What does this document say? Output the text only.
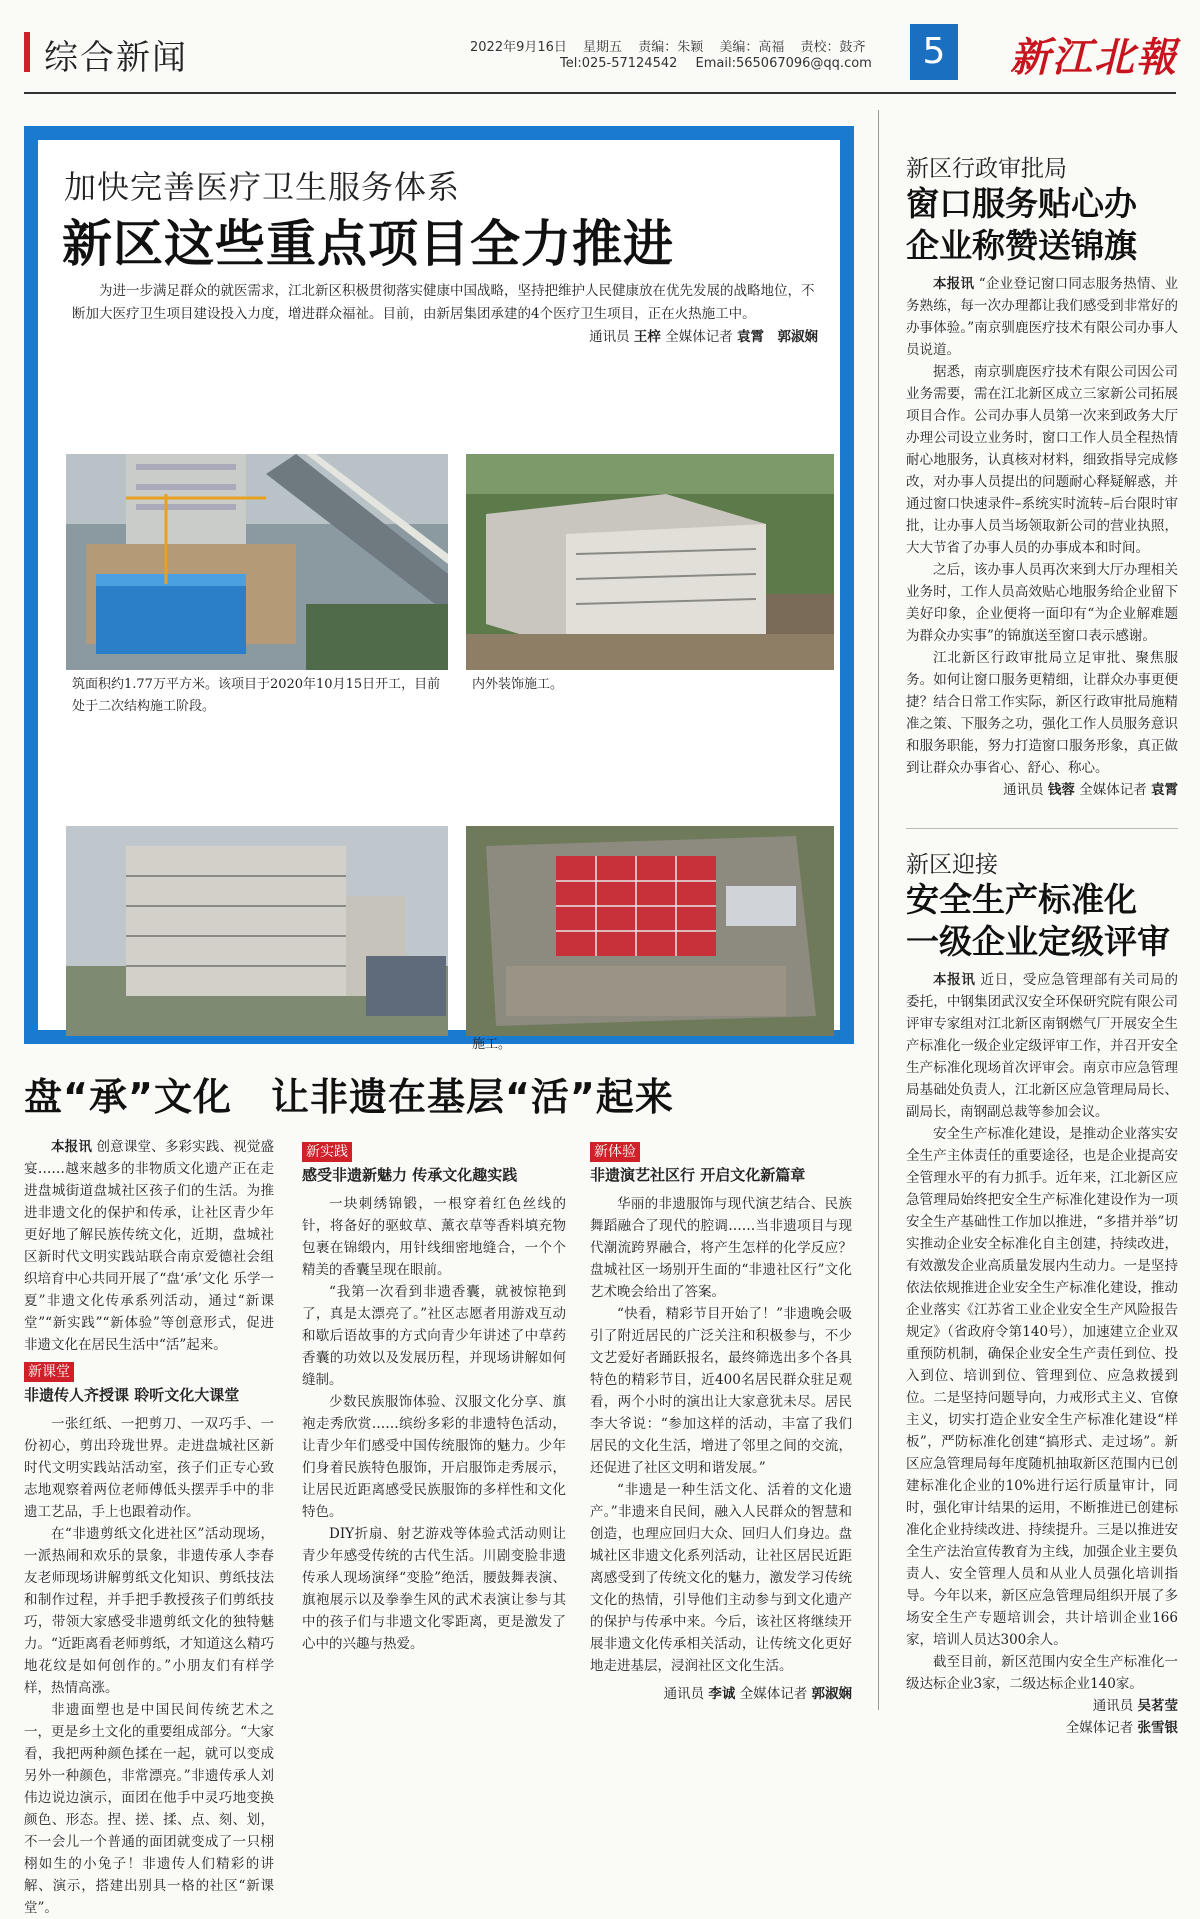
综合新闻	2022年9月16日 星期五 责编：朱颖 美编：高福 责校：鼓齐
Tel:025-57124542 Email:565067096@qq.com	5	新江北報
加快完善医疗卫生服务体系
新区这些重点项目全力推进

为进一步满足群众的就医需求，江北新区积极贯彻落实健康中国战略，坚持把维护人民健康放在优先发展的战略地位，不断加大医疗卫生项目建设投入力度，增进群众福祉。目前，由新居集团承建的4个医疗卫生项目，正在火热施工中。

通讯员 王梓 全媒体记者 袁霄　郭淑娴

筑面积约1.77万平方米。该项目于2020年10月15日开工，目前处于二次结构施工阶段。

内外装饰施工。

施工。

盘“承”文化　让非遗在基层“活”起来

本报讯 创意课堂、多彩实践、视觉盛宴……越来越多的非物质文化遗产正在走进盘城街道盘城社区孩子们的生活。为推进非遗文化的保护和传承，让社区青少年更好地了解民族传统文化，近期，盘城社区新时代文明实践站联合南京爱德社会组织培育中心共同开展了“盘‘承’文化 乐学一夏”非遗文化传承系列活动，通过“新课堂”“新实践”“新体验”等创意形式，促进非遗文化在居民生活中“活”起来。

新课堂
非遗传人齐授课 聆听文化大课堂

一张红纸、一把剪刀、一双巧手、一份初心，剪出玲珑世界。走进盘城社区新时代文明实践站活动室，孩子们正专心致志地观察着两位老师傅低头摆弄手中的非遗工艺品，手上也跟着动作。

在“非遗剪纸文化进社区”活动现场，一派热闹和欢乐的景象，非遗传承人李春友老师现场讲解剪纸文化知识、剪纸技法和制作过程，并手把手教授孩子们剪纸技巧，带领大家感受非遗剪纸文化的独特魅力。“近距离看老师剪纸，才知道这么精巧地花纹是如何创作的。”小朋友们有样学样，热情高涨。

非遗面塑也是中国民间传统艺术之一，更是乡土文化的重要组成部分。“大家看，我把两种颜色揉在一起，就可以变成另外一种颜色，非常漂亮。”非遗传承人刘伟边说边演示，面团在他手中灵巧地变换颜色、形态。捏、搓、揉、点、刻、划，不一会儿一个普通的面团就变成了一只栩栩如生的小兔子！非遗传人们精彩的讲解、演示，搭建出别具一格的社区“新课堂”。

新实践
感受非遗新魅力 传承文化趣实践

一块刺绣锦锻，一根穿着红色丝线的针，将备好的驱蚊草、薰衣草等香料填充物包裹在锦缎内，用针线细密地缝合，一个个精美的香囊呈现在眼前。

“我第一次看到非遗香囊，就被惊艳到了，真是太漂亮了。”社区志愿者用游戏互动和歇后语故事的方式向青少年讲述了中草药香囊的功效以及发展历程，并现场讲解如何缝制。

少数民族服饰体验、汉服文化分享、旗袍走秀欣赏……缤纷多彩的非遗特色活动，让青少年们感受中国传统服饰的魅力。少年们身着民族特色服饰，开启服饰走秀展示，让居民近距离感受民族服饰的多样性和文化特色。

DIY折扇、射艺游戏等体验式活动则让青少年感受传统的古代生活。川剧变脸非遗传承人现场演绎“变脸”绝活，腰鼓舞表演、旗袍展示以及拳拳生风的武术表演让参与其中的孩子们与非遗文化零距离，更是激发了心中的兴趣与热爱。

新体验
非遗演艺社区行 开启文化新篇章

华丽的非遗服饰与现代演艺结合、民族舞蹈融合了现代的腔调……当非遗项目与现代潮流跨界融合，将产生怎样的化学反应？盘城社区一场别开生面的“非遗社区行”文化艺术晚会给出了答案。

“快看，精彩节目开始了！”非遗晚会吸引了附近居民的广泛关注和积极参与，不少文艺爱好者踊跃报名，最终筛选出多个各具特色的精彩节目，近400名居民群众驻足观看，两个小时的演出让大家意犹未尽。居民李大爷说：“参加这样的活动，丰富了我们居民的文化生活，增进了邻里之间的交流，还促进了社区文明和谐发展。”

“非遗是一种生活文化、活着的文化遗产。”非遗来自民间，融入人民群众的智慧和创造，也理应回归大众、回归人们身边。盘城社区非遗文化系列活动，让社区居民近距离感受到了传统文化的魅力，激发学习传统文化的热情，引导他们主动参与到文化遗产的保护与传承中来。今后，该社区将继续开展非遗文化传承相关活动，让传统文化更好地走进基层，浸润社区文化生活。

通讯员 李诚 全媒体记者 郭淑娴
新区行政审批局
窗口服务贴心办 企业称赞送锦旗

本报讯 “企业登记窗口同志服务热情、业务熟练，每一次办理都让我们感受到非常好的办事体验。”南京驯鹿医疗技术有限公司办事人员说道。

据悉，南京驯鹿医疗技术有限公司因公司业务需要，需在江北新区成立三家新公司拓展项目合作。公司办事人员第一次来到政务大厅办理公司设立业务时，窗口工作人员全程热情耐心地服务，认真核对材料，细致指导完成修改，对办事人员提出的问题耐心释疑解惑，并通过窗口快速录件–系统实时流转–后台限时审批，让办事人员当场领取新公司的营业执照，大大节省了办事人员的办事成本和时间。

之后，该办事人员再次来到大厅办理相关业务时，工作人员高效贴心地服务给企业留下美好印象，企业便将一面印有“为企业解难题 为群众办实事”的锦旗送至窗口表示感谢。

江北新区行政审批局立足审批、聚焦服务。如何让窗口服务更精细，让群众办事更便捷？结合日常工作实际，新区行政审批局施精准之策、下服务之功，强化工作人员服务意识和服务职能，努力打造窗口服务形象，真正做到让群众办事省心、舒心、称心。

通讯员 钱蓉 全媒体记者 袁霄
新区迎接
安全生产标准化 一级企业定级评审

本报讯 近日，受应急管理部有关司局的委托，中钢集团武汉安全环保研究院有限公司评审专家组对江北新区南钢燃气厂开展安全生产标准化一级企业定级评审工作，并召开安全生产标准化现场首次评审会。南京市应急管理局基础处负责人，江北新区应急管理局局长、副局长，南钢副总裁等参加会议。

安全生产标准化建设，是推动企业落实安全生产主体责任的重要途径，也是企业提高安全管理水平的有力抓手。近年来，江北新区应急管理局始终把安全生产标准化建设作为一项安全生产基础性工作加以推进，“多措并举”切实推动企业安全标准化自主创建，持续改进，有效激发企业高质量发展内生动力。一是坚持依法依规推进企业安全生产标准化建设，推动企业落实《江苏省工业企业安全生产风险报告规定》（省政府令第140号），加速建立企业双重预防机制，确保企业安全生产责任到位、投入到位、培训到位、管理到位、应急救援到位。二是坚持问题导向，力戒形式主义、官僚主义，切实打造企业安全生产标准化建设“样板”，严防标准化创建“搞形式、走过场”。新区应急管理局每年度随机抽取新区范围内已创建标准化企业的10%进行运行质量审计，同时，强化审计结果的运用，不断推进已创建标准化企业持续改进、持续提升。三是以推进安全生产法治宣传教育为主线，加强企业主要负责人、安全管理人员和从业人员强化培训指导。今年以来，新区应急管理局组织开展了多场安全生产专题培训会，共计培训企业166家，培训人员达300余人。

截至目前，新区范围内安全生产标准化一级达标企业3家，二级达标企业140家。

通讯员 吴茗莹
全媒体记者 张雪银
